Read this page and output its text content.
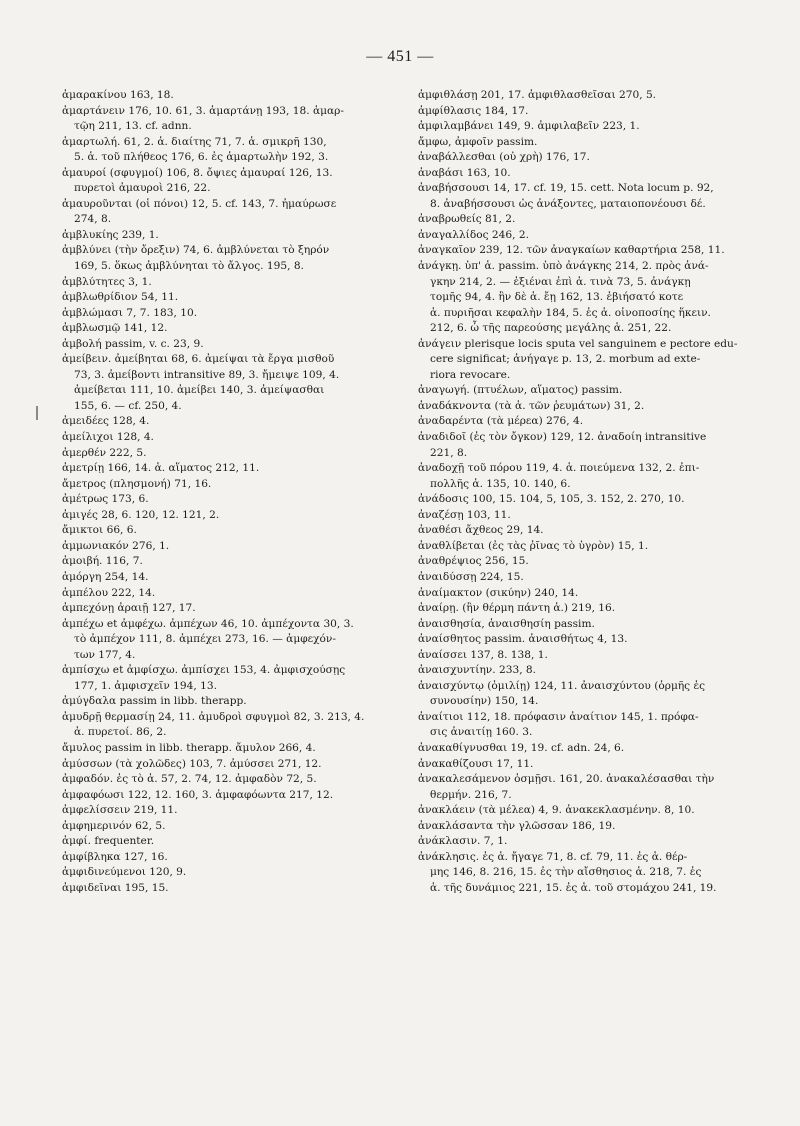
— 451 —
ἀμαρακίνου 163, 18.
ἁμαρτάνειν 176, 10. 61, 3. ἁμαρτάνῃ 193, 18. ἁμαρ-
τῷη 211, 13. cf. adnn.
ἁμαρτωλή. 61, 2. ἁ. διαίτης 71, 7. ἁ. σμικρῆ 130,
5. ἁ. τοῦ πλήθεος 176, 6. ἐς ἁμαρτωλὴν 192, 3.
ἀμαυροί (σφυγμοί) 106, 8. ὄψιες ἀμαυραί 126, 13.
πυρετοὶ ἀμαυροὶ 216, 22.
ἀμαυροῦνται (οἱ πόνοι) 12, 5. cf. 143, 7. ἠμαύρωσε
274, 8.
ἀμβλυκίης 239, 1.
ἀμβλύνει (τὴν ὄρεξιν) 74, 6. ἀμβλύνεται τὸ ξηρόν
169, 5. ὅκως ἀμβλύνηται τὸ ἄλγος. 195, 8.
ἀμβλύτητες 3, 1.
ἀμβλωθρίδιον 54, 11.
ἀμβλώμασι 7, 7. 183, 10.
ἀμβλωσμῷ 141, 12.
ἀμβολή passim, v. c. 23, 9.
ἀμείβειν. ἀμείβηται 68, 6. ἀμείψαι τὰ ἔργα μισθοῦ
73, 3. ἀμείβοντι intransitive 89, 3. ἤμειψε 109, 4.
ἀμείβεται 111, 10. ἀμείβει 140, 3. ἀμείψασθαι
155, 6. — cf. 250, 4.
ἀμειδέες 128, 4.
ἀμείλιχοι 128, 4.
ἀμερθέν 222, 5.
ἀμετρίῃ 166, 14. ἁ. αἵματος 212, 11.
ἄμετρος (πλησμονή) 71, 16.
ἀμέτρως 173, 6.
ἀμιγές 28, 6. 120, 12. 121, 2.
ἄμικτοι 66, 6.
ἀμμωνιακόν 276, 1.
ἀμοιβή. 116, 7.
ἀμόργη 254, 14.
ἀμπέλου 222, 14.
ἀμπεχόνῃ ἀραιῇ 127, 17.
ἀμπέχω et ἀμφέχω. ἀμπέχων 46, 10. ἀμπέχοντα 30, 3.
τὸ ἀμπέχον 111, 8. ἀμπέχει 273, 16. — ἀμφεχόν-
των 177, 4.
ἀμπίσχω et ἀμφίσχω. ἀμπίσχει 153, 4. ἀμφισχούσῃς
177, 1. ἀμφισχεῖν 194, 13.
ἀμύγδαλα passim in libb. therapp.
ἀμυδρῇ θερμασίῃ 24, 11. ἀμυδροὶ σφυγμοὶ 82, 3. 213, 4.
ἁ. πυρετοί. 86, 2.
ἄμυλος passim in libb. therapp. ἄμυλον 266, 4.
ἀμύσσων (τὰ χολῶδες) 103, 7. ἀμύσσει 271, 12.
ἀμφαδόν. ἐς τὸ ἁ. 57, 2. 74, 12. ἀμφαδὸν 72, 5.
ἀμφαφόωσι 122, 12. 160, 3. ἀμφαφόωντα 217, 12.
ἀμφελίσσειν 219, 11.
ἀμφημερινόν 62, 5.
ἀμφί. frequenter.
ἀμφίβληκα 127, 16.
ἀμφιδινεύμενοι 120, 9.
ἀμφιδεῖναι 195, 15.
ἀμφιθλάσῃ 201, 17. ἀμφιθλασθεῖσαι 270, 5.
ἀμφίθλασις 184, 17.
ἀμφιλαμβάνει 149, 9. ἀμφιλαβεῖν 223, 1.
ἄμφω, ἀμφοῖν passim.
ἀναβάλλεσθαι (οὐ χρὴ) 176, 17.
ἀναβάσι 163, 10.
ἀναβήσσουσι 14, 17. cf. 19, 15. cett. Nota locum p. 92,
8. ἀναβήσσουσι ὡς ἀνάξοντες, ματαιοπονέουσι δέ.
ἀναβρωθείς 81, 2.
ἀναγαλλίδος 246, 2.
ἀναγκαῖον 239, 12. τῶν ἀναγκαίων καθαρτήρια 258, 11.
ἀνάγκῃ. ὑπ' ἁ. passim. ὑπὸ ἀνάγκης 214, 2. πρὸς ἀνά-
γκην 214, 2. — ἐξιέναι ἐπὶ ἁ. τινὰ 73, 5. ἀνάγκῃ
τομῆς 94, 4. ἢν δὲ ἁ. ἔῃ 162, 13. ἐβιήσατό κοτε
ἁ. πυριῆσαι κεφαλὴν 184, 5. ἐς ἁ. οἰνοποσίης ἥκειν.
212, 6. ὦ τῆς παρεούσης μεγάλης ἁ. 251, 22.
ἀνάγειν plerisque locis sputa vel sanguinem e pectore edu-
cere significat; ἀνήγαγε p. 13, 2. morbum ad exte-
riora revocare.
ἀναγωγή. (πτυέλων, αἵματος) passim.
ἀναδάκνοντα (τὰ ἁ. τῶν ῥευμάτων) 31, 2.
ἀναδαρέντα (τὰ μέρεα) 276, 4.
ἀναδιδοῖ (ἐς τὸν ὄγκον) 129, 12. ἀναδοίη intransitive
221, 8.
ἀναδοχῇ τοῦ πόρου 119, 4. ἁ. ποιεύμενα 132, 2. ἐπι-
πολλῆς ἁ. 135, 10. 140, 6.
ἀνάδοσις 100, 15. 104, 5, 105, 3. 152, 2. 270, 10.
ἀναζέσῃ 103, 11.
ἀναθέσι ἄχθεος 29, 14.
ἀναθλίβεται (ἐς τὰς ῥῖνας τὸ ὑγρὸν) 15, 1.
ἀναθρέψιος 256, 15.
ἀναιδύσσῃ 224, 15.
ἀναίμακτον (σικύην) 240, 14.
ἀναίρῃ. (ἢν θέρμη πάντη ἁ.) 219, 16.
ἀναισθησία, ἀναισθησίη passim.
ἀναίσθητος passim. ἀναισθήτως 4, 13.
ἀναίσσει 137, 8. 138, 1.
ἀναισχυντίην. 233, 8.
ἀναισχύντῳ (ὁμιλίῃ) 124, 11. ἀναισχύντου (ὁρμῆς ἐς
συνουσίην) 150, 14.
ἀναίτιοι 112, 18. πρόφασιν ἀναίτιον 145, 1. πρόφα-
σις ἀναιτίῃ 160. 3.
ἀνακαθίγνυσθαι 19, 19. cf. adn. 24, 6.
ἀνακαθίζουσι 17, 11.
ἀνακαλεσάμενον ὀσμῇσι. 161, 20. ἀνακαλέσασθαι τὴν
θερμήν. 216, 7.
ἀνακλάειν (τὰ μέλεα) 4, 9. ἀνακεκλασμένην. 8, 10.
ἀνακλάσαντα τὴν γλῶσσαν 186, 19.
ἀνάκλασιν. 7, 1.
ἀνάκλησις. ἐς ἁ. ἤγαγε 71, 8. cf. 79, 11. ἐς ἁ. θέρ-
μης 146, 8. 216, 15. ἐς τὴν αἴσθησιος ἁ. 218, 7. ἐς
ἁ. τῆς δυνάμιος 221, 15. ἐς ἁ. τοῦ στομάχου 241, 19.
